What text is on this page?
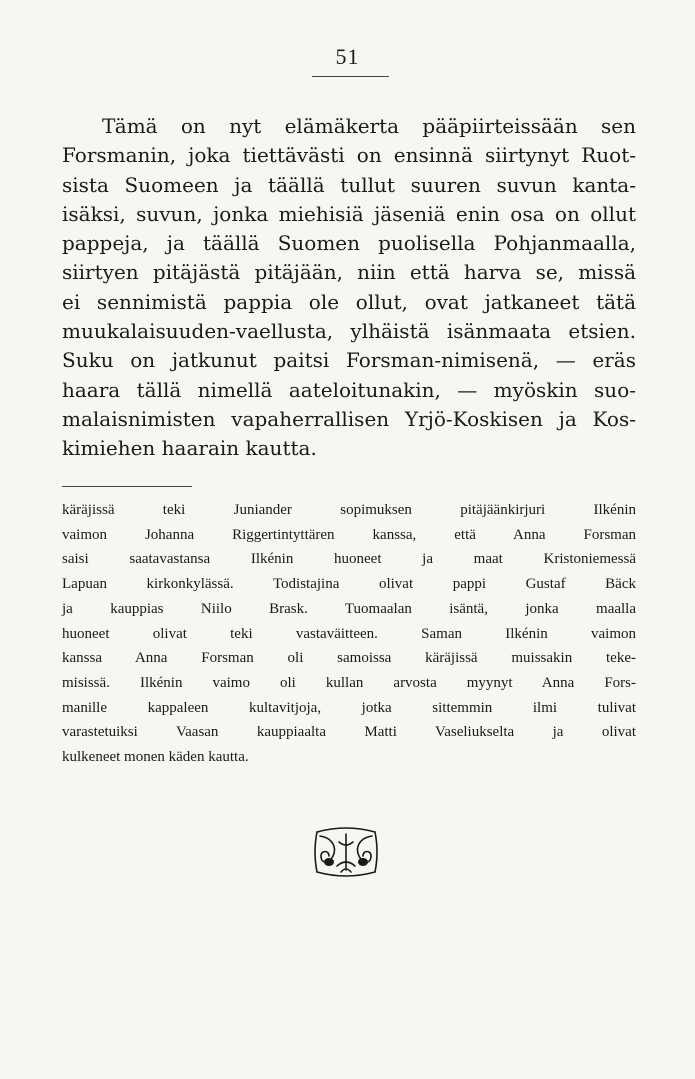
51
Tämä on nyt elämäkerta pääpiirteissään sen
Forsmanin, joka tiettävästi on ensinnä siirtynyt Ruot-
sista Suomeen ja täällä tullut suuren suvun kanta-
isäksi, suvun, jonka miehisiä jäseniä enin osa on ollut
pappeja, ja täällä Suomen puolisella Pohjanmaalla,
siirtyen pitäjästä pitäjään, niin että harva se, missä
ei sennimistä pappia ole ollut, ovat jatkaneet tätä
muukalaisuuden-vaellusta, ylhäistä isänmaata etsien.
Suku on jatkunut paitsi Forsman-nimisenä, — eräs
haara tällä nimellä aateloitunakin, — myöskin suo-
malaisnimisten vapaherrallisen Yrjö-Koskisen ja Kos-
kimiehen haarain kautta.
käräjissä teki Juniander sopimuksen pitäjäänkirjuri Ilkénin
vaimon Johanna Riggertintyttären kanssa, että Anna Forsman
saisi saatavastansa Ilkénin huoneet ja maat Kristoniemessä
Lapuan kirkonkylässä. Todistajina olivat pappi Gustaf Bäck
ja kauppias Niilo Brask. Tuomaalan isäntä, jonka maalla
huoneet olivat teki vastaväitteen. Saman Ilkénin vaimon
kanssa Anna Forsman oli samoissa käräjissä muissakin teke-
misissä. Ilkénin vaimo oli kullan arvosta myynyt Anna Fors-
manille kappaleen kultavitjoja, jotka sittemmin ilmi tulivat
varastetuiksi Vaasan kauppiaalta Matti Vaseliukselta ja olivat
kulkeneet monen käden kautta.
